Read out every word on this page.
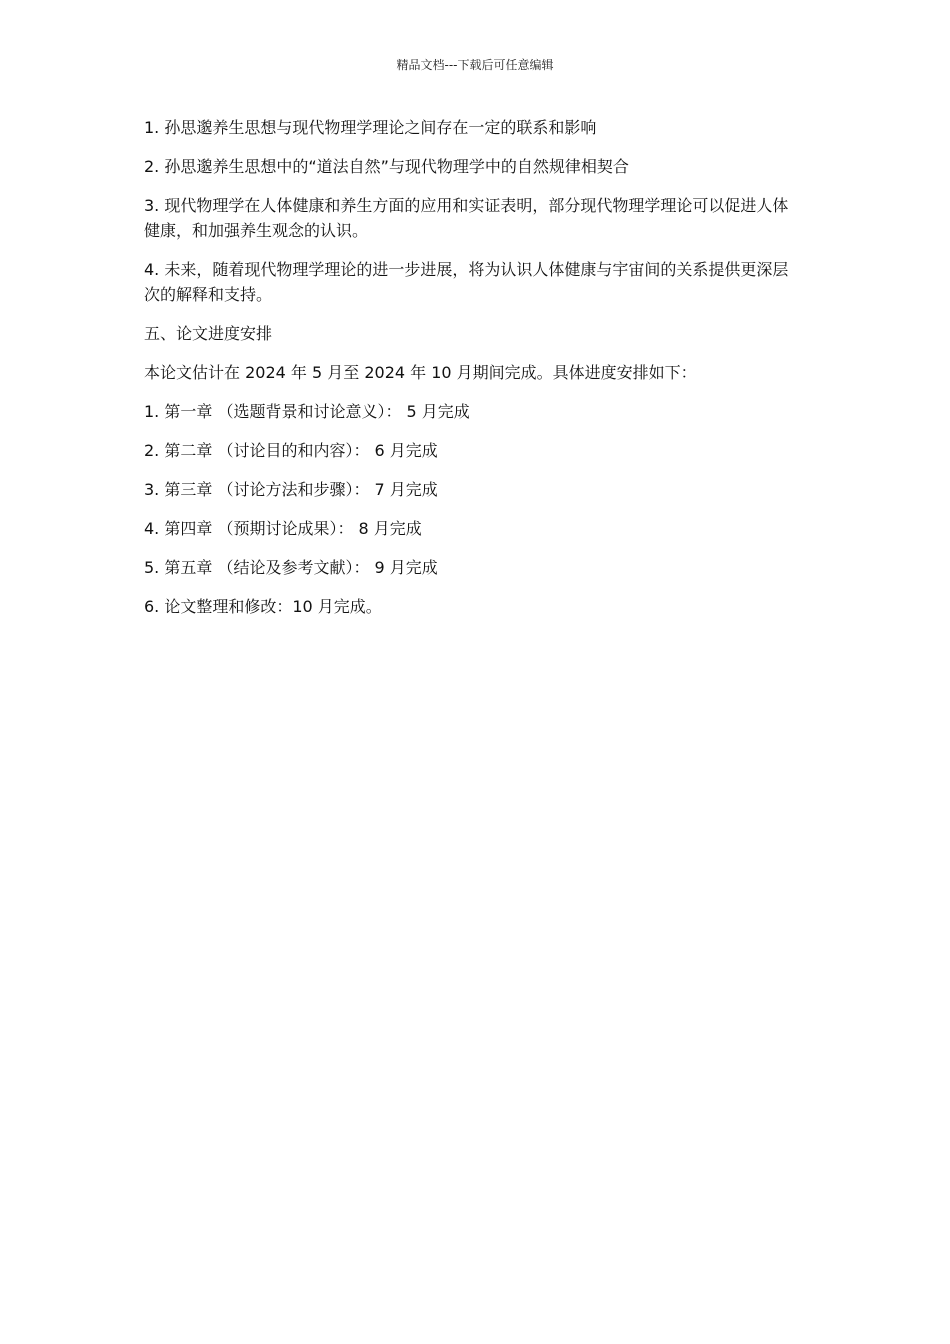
精品文档---下载后可任意编辑

1. 孙思邈养生思想与现代物理学理论之间存在一定的联系和影响

2. 孙思邈养生思想中的“道法自然”与现代物理学中的自然规律相契合

3. 现代物理学在人体健康和养生方面的应用和实证表明，部分现代物理学理论可以促进人体健康，和加强养生观念的认识。

4. 未来，随着现代物理学理论的进一步进展，将为认识人体健康与宇宙间的关系提供更深层次的解释和支持。

五、论文进度安排

本论文估计在 2024 年 5 月至 2024 年 10 月期间完成。具体进度安排如下：

1. 第一章 （选题背景和讨论意义）： 5 月完成

2. 第二章 （讨论目的和内容）： 6 月完成

3. 第三章 （讨论方法和步骤）： 7 月完成

4. 第四章 （预期讨论成果）： 8 月完成

5. 第五章 （结论及参考文献）： 9 月完成

6. 论文整理和修改：10 月完成。
